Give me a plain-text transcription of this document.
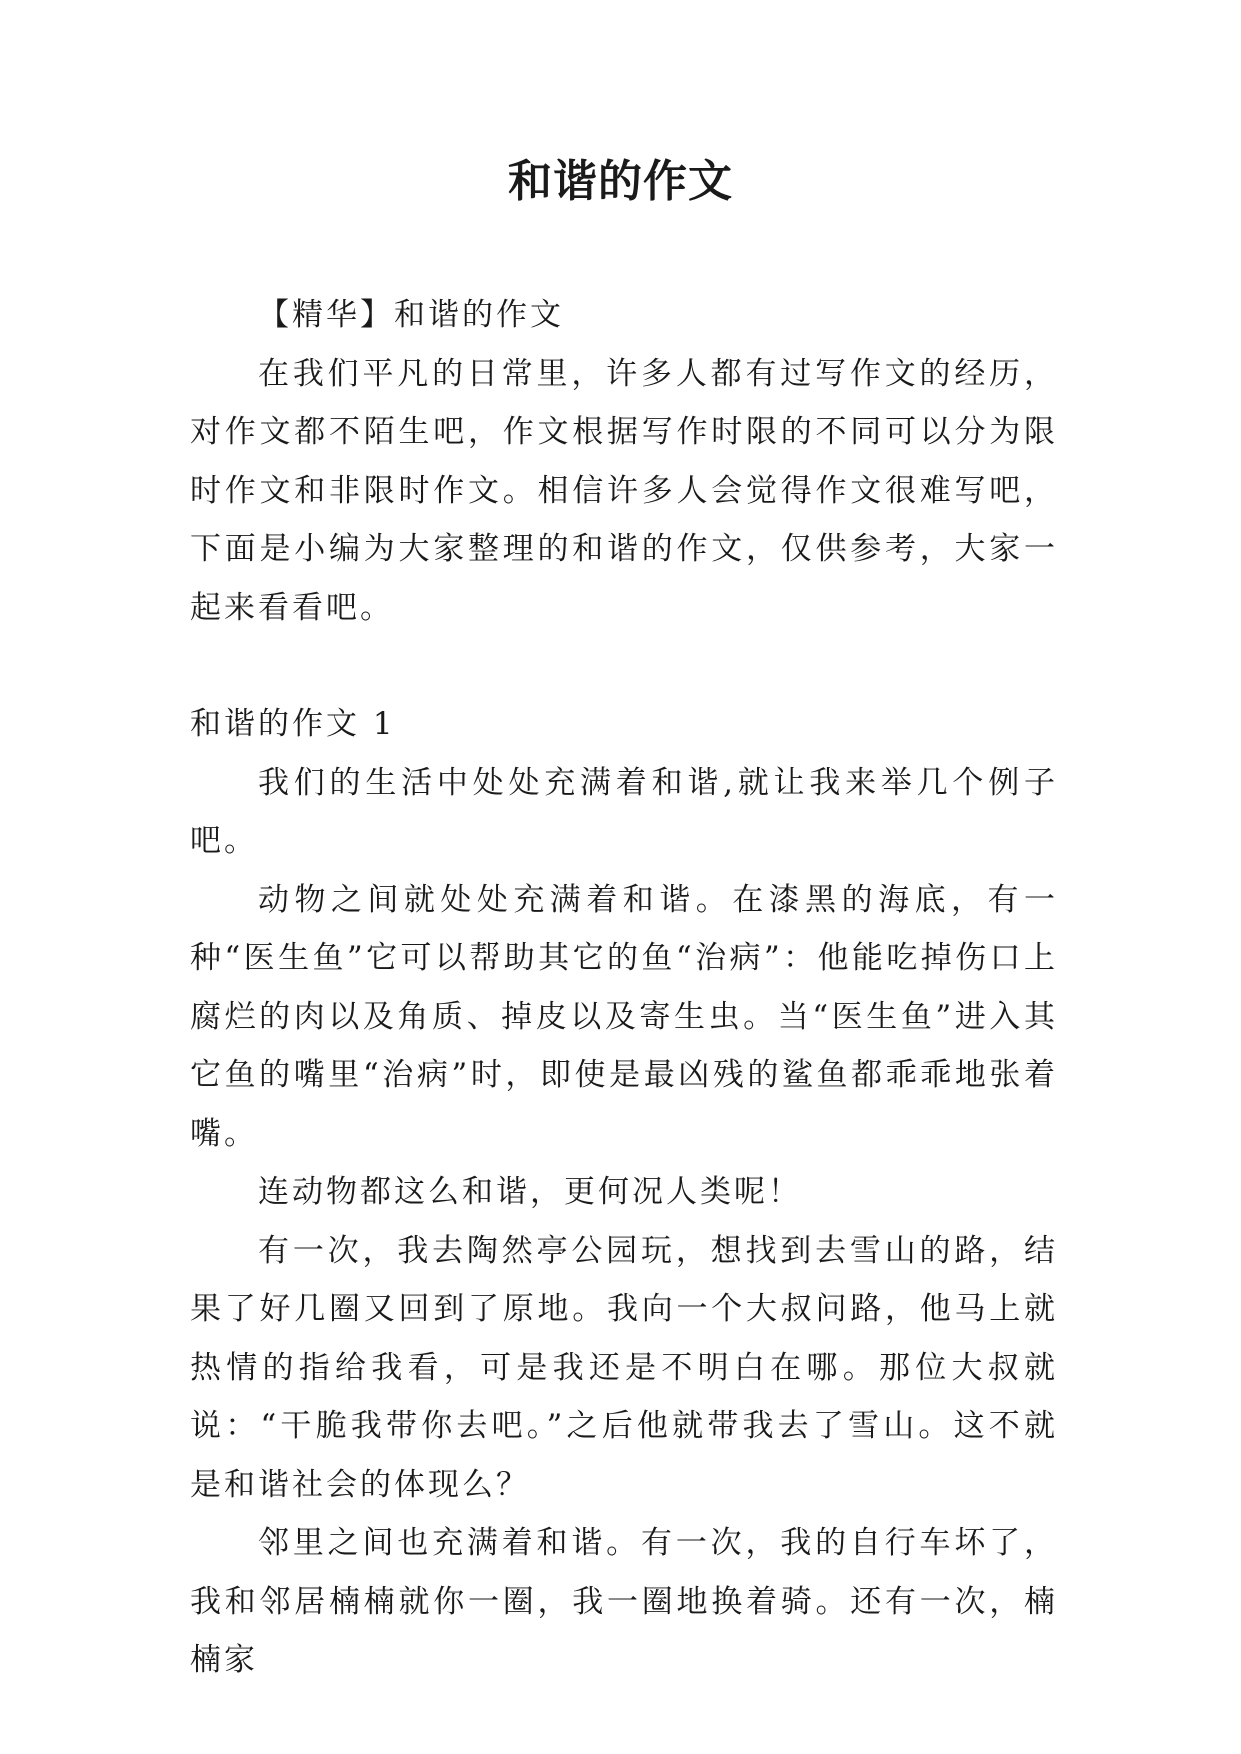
和谐的作文

【精华】和谐的作文

在我们平凡的日常里，许多人都有过写作文的经历，对作文都不陌生吧，作文根据写作时限的不同可以分为限时作文和非限时作文。相信许多人会觉得作文很难写吧，下面是小编为大家整理的和谐的作文，仅供参考，大家一起来看看吧。

和谐的作文 1

我们的生活中处处充满着和谐,就让我来举几个例子吧。

动物之间就处处充满着和谐。在漆黑的海底，有一种“医生鱼”它可以帮助其它的鱼“治病”：他能吃掉伤口上腐烂的肉以及角质、掉皮以及寄生虫。当“医生鱼”进入其它鱼的嘴里“治病”时，即使是最凶残的鲨鱼都乖乖地张着嘴。

连动物都这么和谐，更何况人类呢！

有一次，我去陶然亭公园玩，想找到去雪山的路，结果了好几圈又回到了原地。我向一个大叔问路，他马上就热情的指给我看，可是我还是不明白在哪。那位大叔就说：“干脆我带你去吧。”之后他就带我去了雪山。这不就是和谐社会的体现么？

邻里之间也充满着和谐。有一次，我的自行车坏了，我和邻居楠楠就你一圈，我一圈地换着骑。还有一次，楠楠家
